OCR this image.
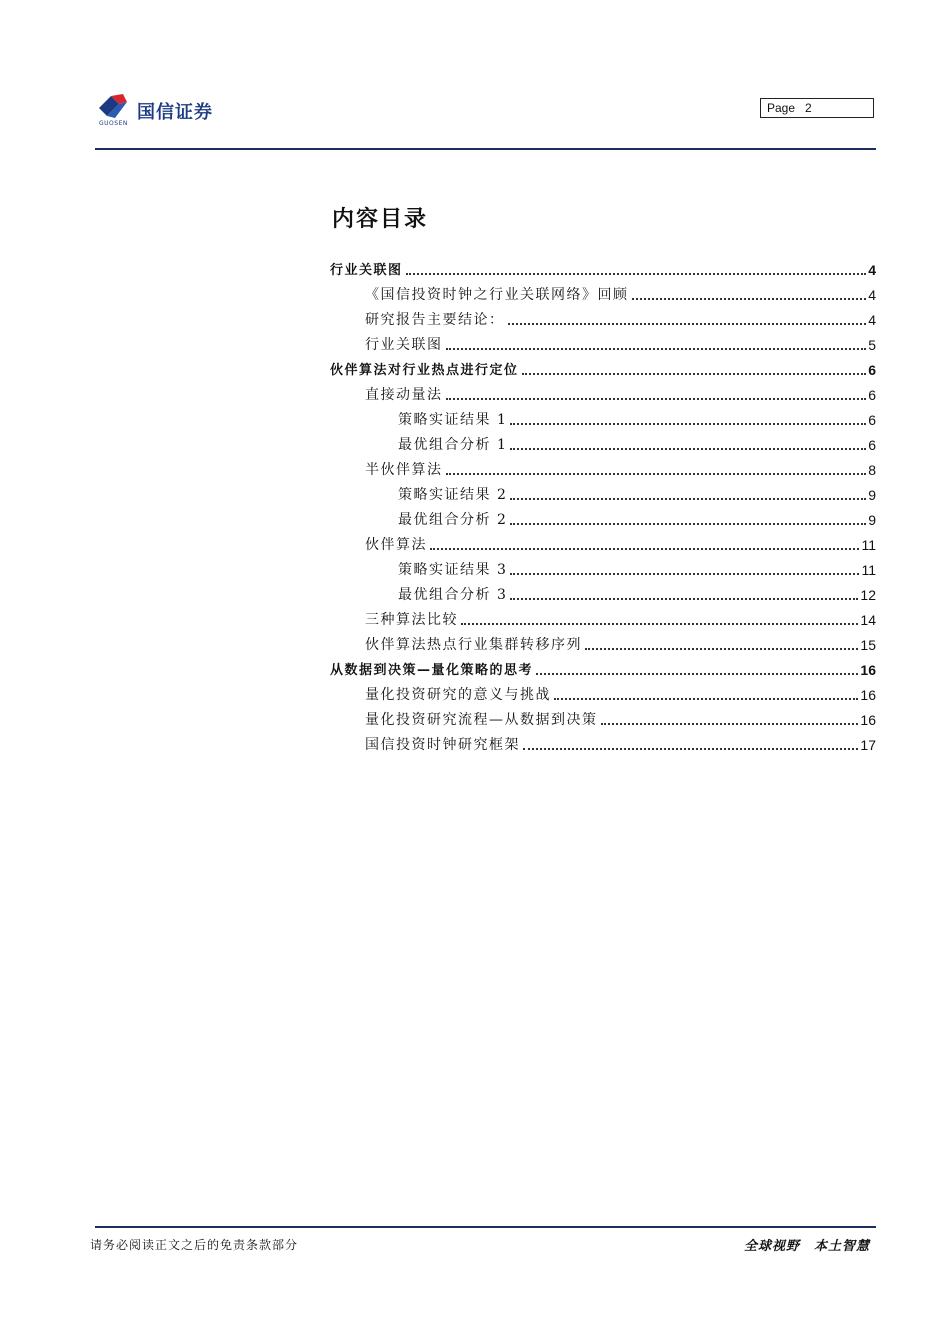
国信证券
GUOSEN
Page 2
内容目录
行业关联图	4
《国信投资时钟之行业关联网络》回顾	4
研究报告主要结论：	4
行业关联图	5
伙伴算法对行业热点进行定位	6
直接动量法	6
策略实证结果 1	6
最优组合分析 1	6
半伙伴算法	8
策略实证结果 2	9
最优组合分析 2	9
伙伴算法	11
策略实证结果 3	11
最优组合分析 3	12
三种算法比较	14
伙伴算法热点行业集群转移序列	15
从数据到决策—量化策略的思考	16
量化投资研究的意义与挑战	16
量化投资研究流程—从数据到决策	16
国信投资时钟研究框架	17
请务必阅读正文之后的免责条款部分	全球视野　本土智慧
